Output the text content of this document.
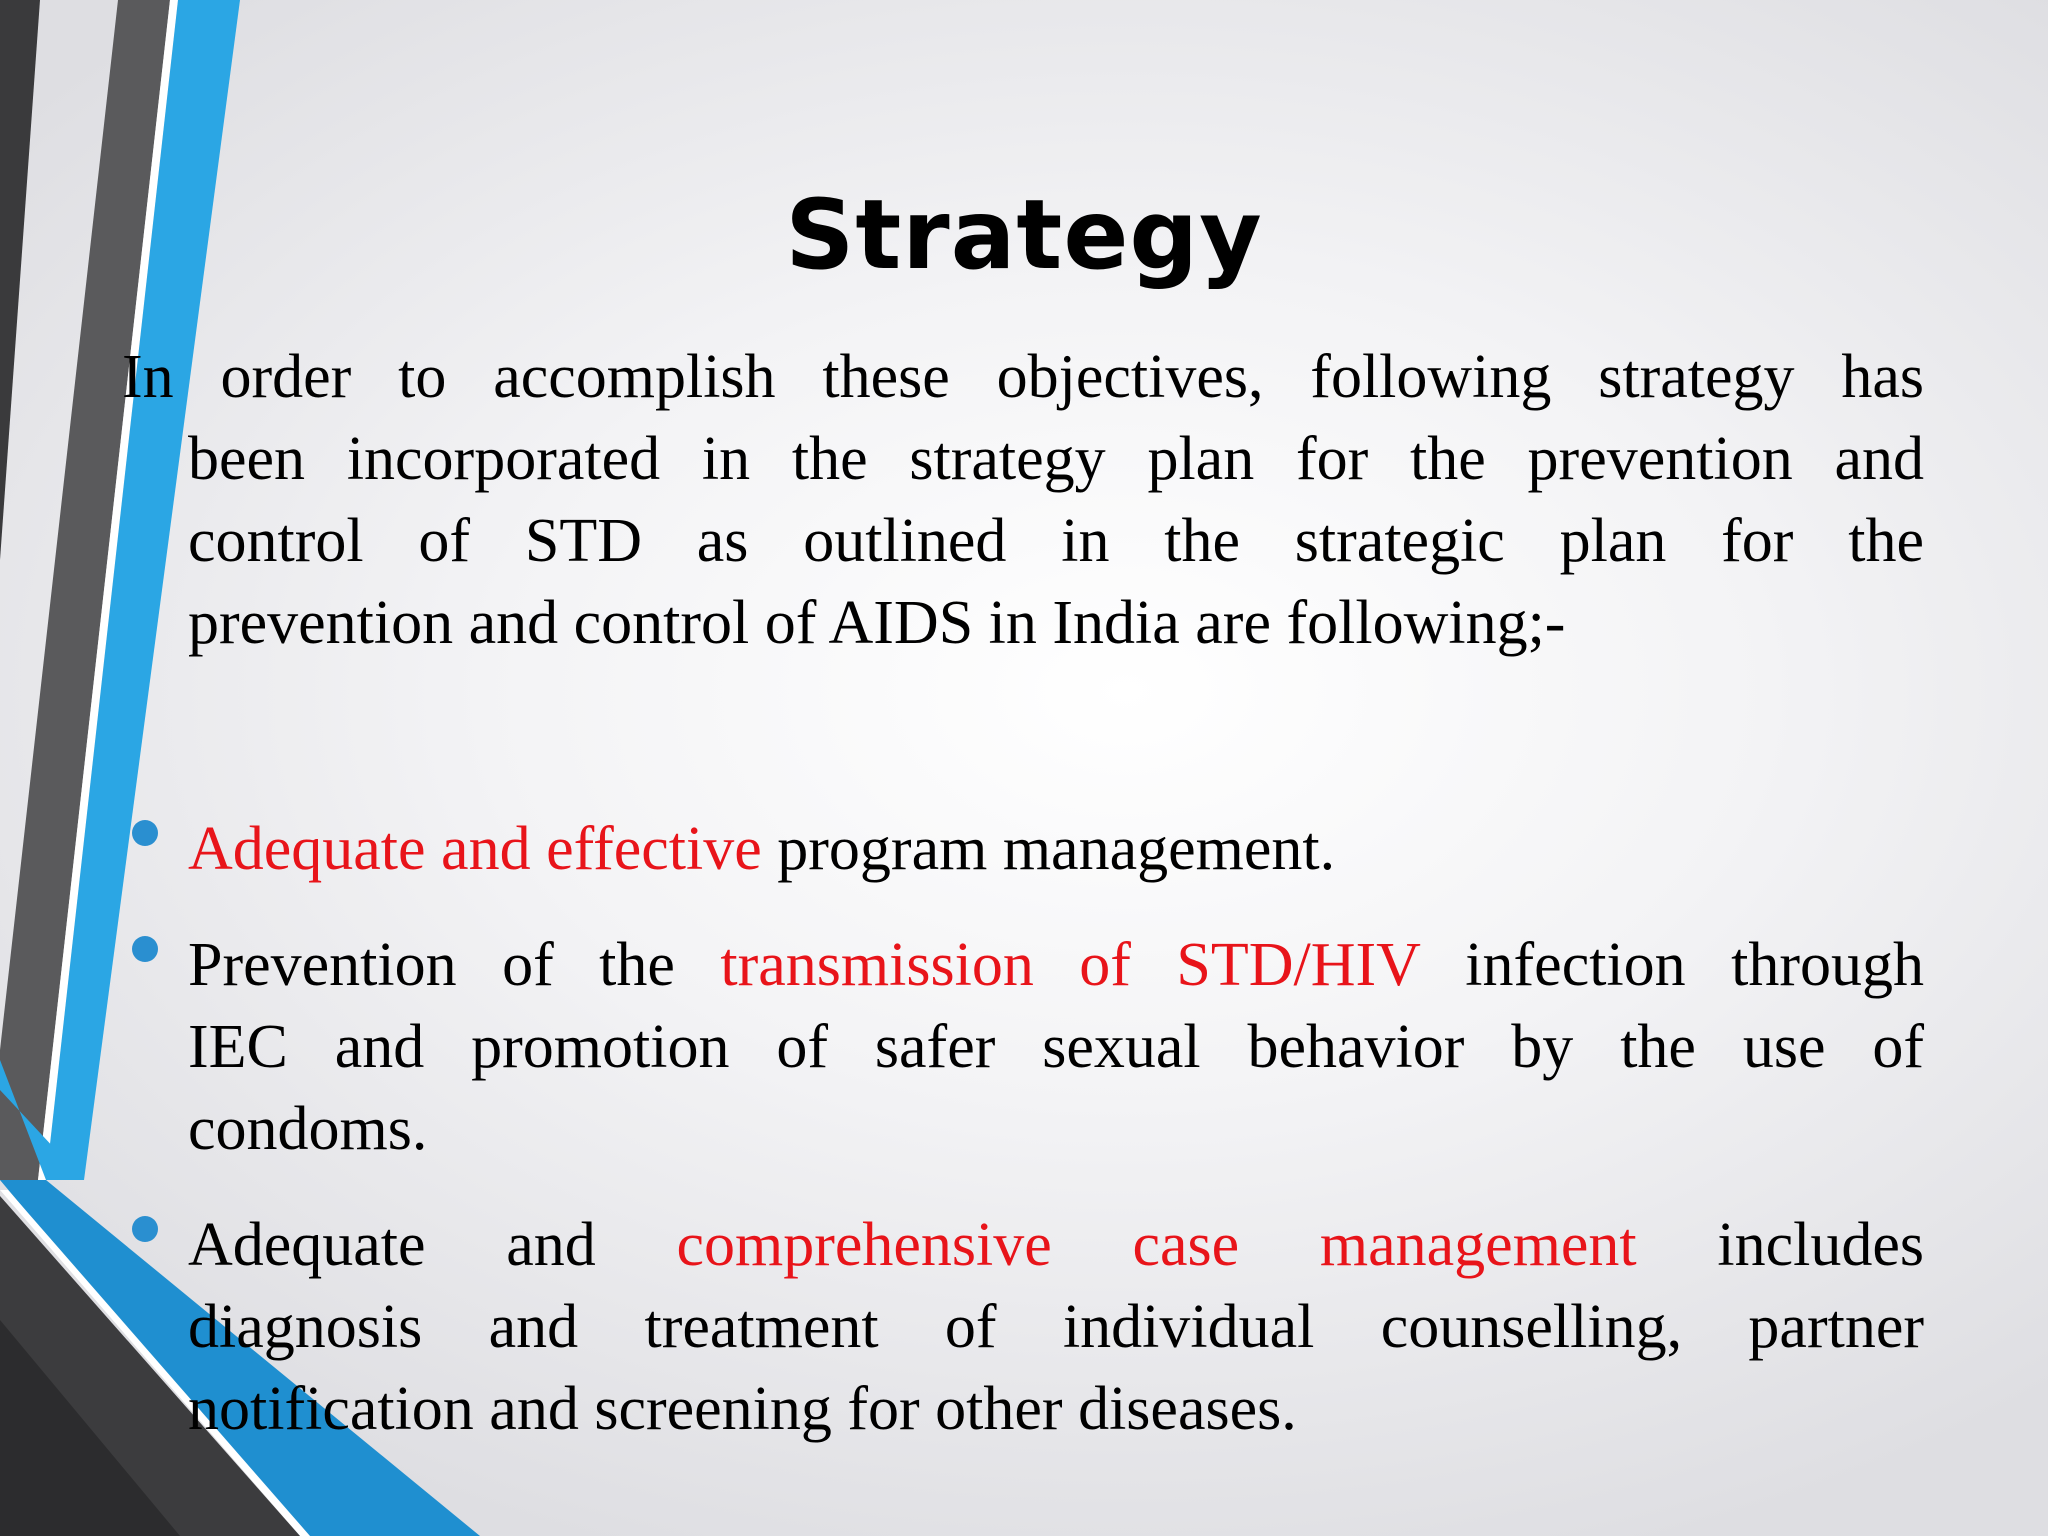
Strategy
In order to accomplish these objectives, following strategy has
been incorporated in the strategy plan for the prevention and
control of STD as outlined in the strategic plan for the
prevention and control of AIDS in India are following;-
Adequate and effective program management.
Prevention of the transmission of STD/HIV infection through
IEC and promotion of safer sexual behavior by the use of
condoms.
Adequate and comprehensive case management includes
diagnosis and treatment of individual counselling, partner
notification and screening for other diseases.
